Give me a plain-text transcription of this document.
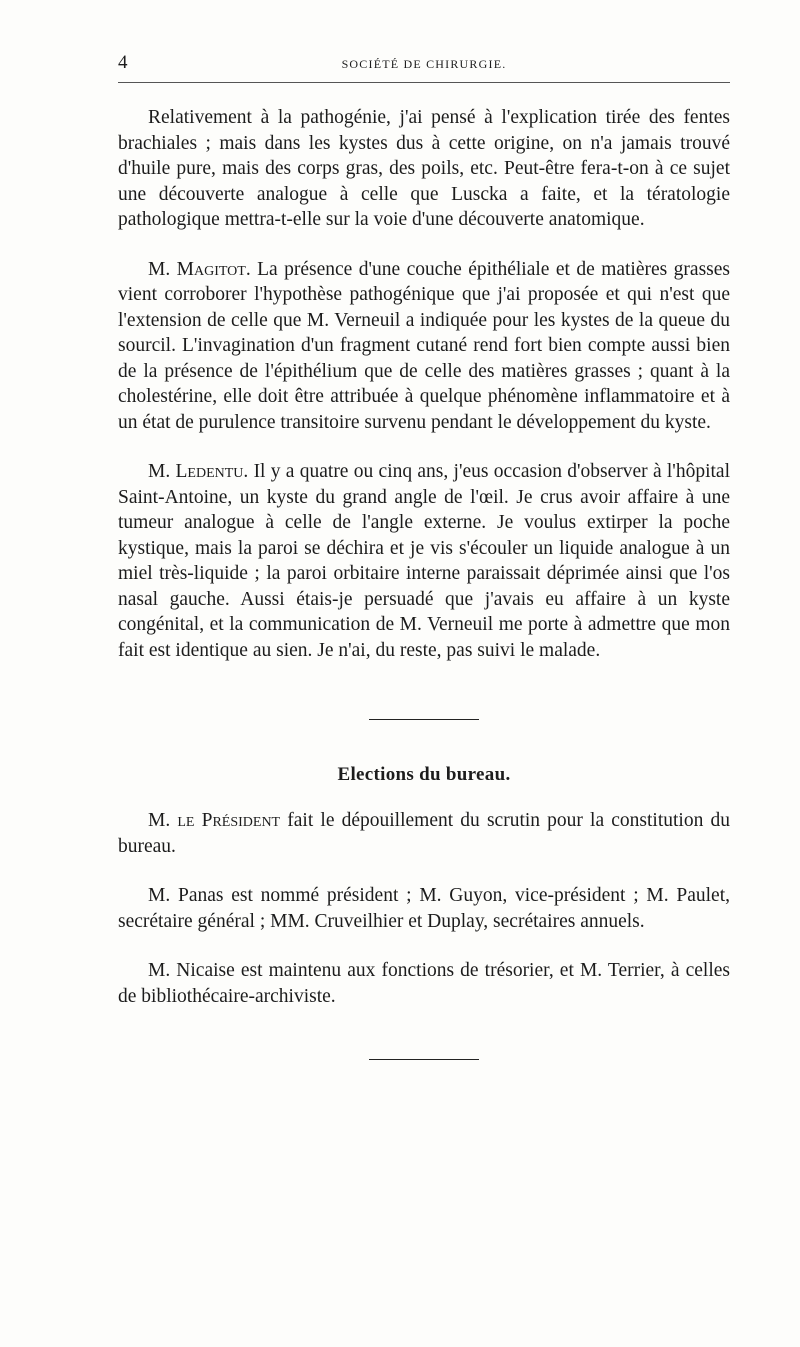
4	SOCIÉTÉ DE CHIRURGIE.

Relativement à la pathogénie, j'ai pensé à l'explication tirée des fentes brachiales ; mais dans les kystes dus à cette origine, on n'a jamais trouvé d'huile pure, mais des corps gras, des poils, etc. Peut-être fera-t-on à ce sujet une découverte analogue à celle que Luscka a faite, et la tératologie pathologique mettra-t-elle sur la voie d'une découverte anatomique.

M. Magitot. La présence d'une couche épithéliale et de matières grasses vient corroborer l'hypothèse pathogénique que j'ai proposée et qui n'est que l'extension de celle que M. Verneuil a indiquée pour les kystes de la queue du sourcil. L'invagination d'un fragment cutané rend fort bien compte aussi bien de la présence de l'épithélium que de celle des matières grasses ; quant à la cholestérine, elle doit être attribuée à quelque phénomène inflammatoire et à un état de purulence transitoire survenu pendant le développement du kyste.

M. Ledentu. Il y a quatre ou cinq ans, j'eus occasion d'observer à l'hôpital Saint-Antoine, un kyste du grand angle de l'œil. Je crus avoir affaire à une tumeur analogue à celle de l'angle externe. Je voulus extirper la poche kystique, mais la paroi se déchira et je vis s'écouler un liquide analogue à un miel très-liquide ; la paroi orbitaire interne paraissait déprimée ainsi que l'os nasal gauche. Aussi étais-je persuadé que j'avais eu affaire à un kyste congénital, et la communication de M. Verneuil me porte à admettre que mon fait est identique au sien. Je n'ai, du reste, pas suivi le malade.

Elections du bureau.

M. le Président fait le dépouillement du scrutin pour la constitution du bureau.

M. Panas est nommé président ; M. Guyon, vice-président ; M. Paulet, secrétaire général ; MM. Cruveilhier et Duplay, secrétaires annuels.

M. Nicaise est maintenu aux fonctions de trésorier, et M. Terrier, à celles de bibliothécaire-archiviste.
